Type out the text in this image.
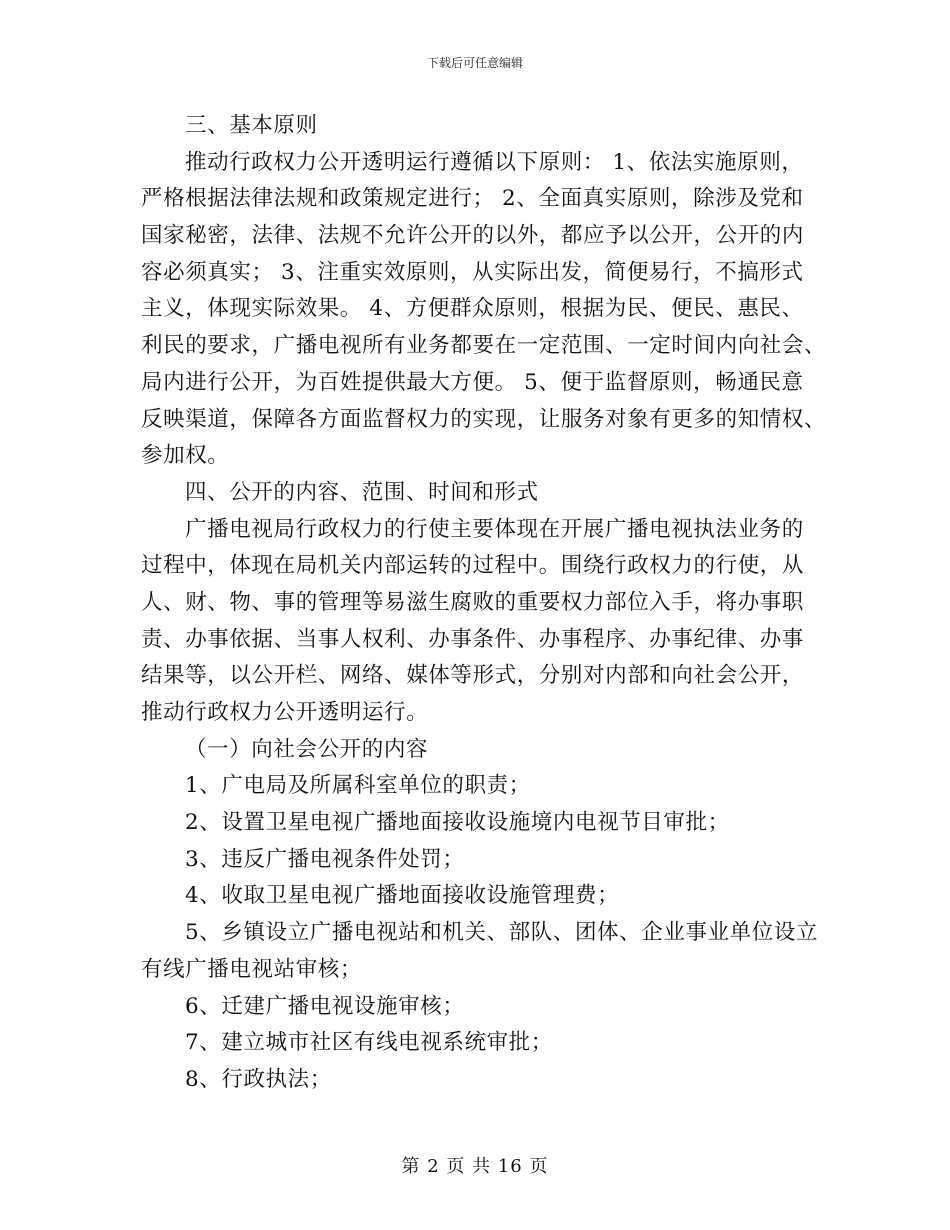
下载后可任意编辑
三、基本原则
推动行政权力公开透明运行遵循以下原则： 1、依法实施原则，
严格根据法律法规和政策规定进行； 2、全面真实原则，除涉及党和
国家秘密，法律、法规不允许公开的以外，都应予以公开，公开的内
容必须真实； 3、注重实效原则，从实际出发，简便易行，不搞形式
主义，体现实际效果。 4、方便群众原则，根据为民、便民、惠民、
利民的要求，广播电视所有业务都要在一定范围、一定时间内向社会、
局内进行公开，为百姓提供最大方便。 5、便于监督原则，畅通民意
反映渠道，保障各方面监督权力的实现，让服务对象有更多的知情权、
参加权。
四、公开的内容、范围、时间和形式
广播电视局行政权力的行使主要体现在开展广播电视执法业务的
过程中，体现在局机关内部运转的过程中。围绕行政权力的行使，从
人、财、物、事的管理等易滋生腐败的重要权力部位入手，将办事职
责、办事依据、当事人权利、办事条件、办事程序、办事纪律、办事
结果等，以公开栏、网络、媒体等形式，分别对内部和向社会公开，
推动行政权力公开透明运行。
（一）向社会公开的内容
1、广电局及所属科室单位的职责；
2、设置卫星电视广播地面接收设施境内电视节目审批；
3、违反广播电视条件处罚；
4、收取卫星电视广播地面接收设施管理费；
5、乡镇设立广播电视站和机关、部队、团体、企业事业单位设立
有线广播电视站审核；
6、迁建广播电视设施审核；
7、建立城市社区有线电视系统审批；
8、行政执法；
第 2 页 共 16 页
